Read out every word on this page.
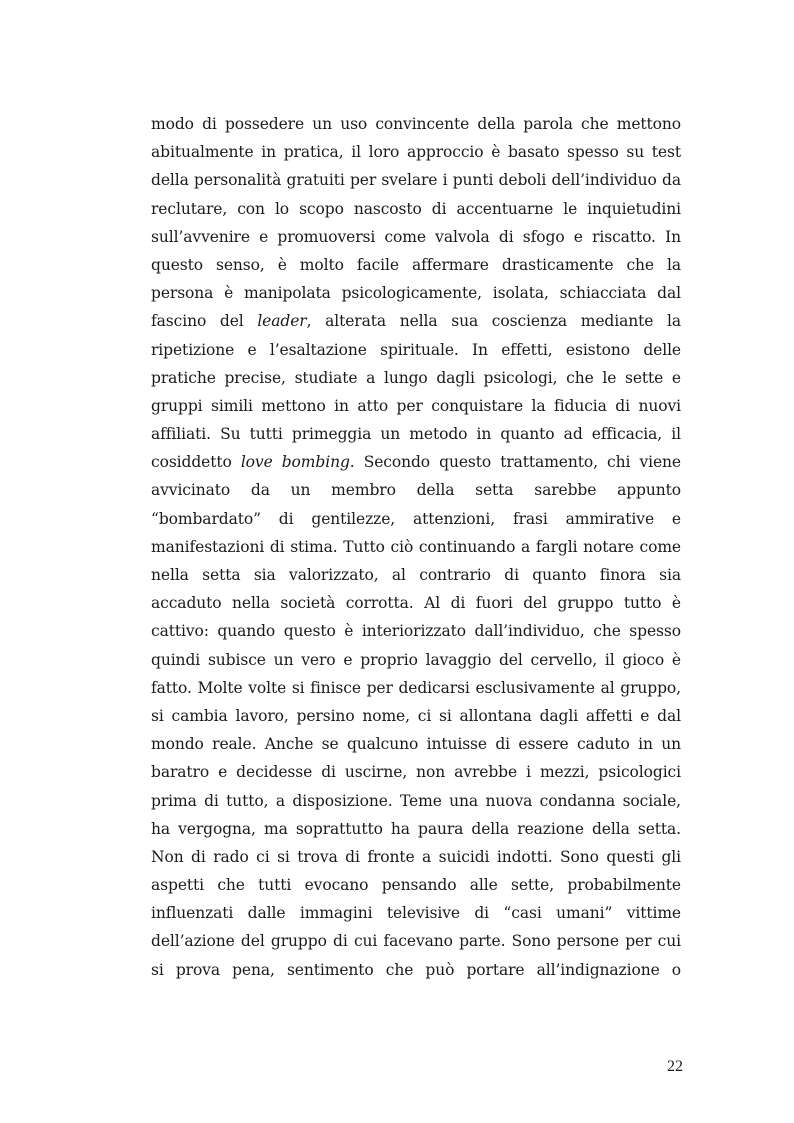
modo di possedere un uso convincente della parola che mettono
abitualmente in pratica, il loro approccio è basato spesso su test
della personalità gratuiti per svelare i punti deboli dell’individuo da
reclutare, con lo scopo nascosto di accentuarne le inquietudini
sull’avvenire e promuoversi come valvola di sfogo e riscatto. In
questo senso, è molto facile affermare drasticamente che la
persona è manipolata psicologicamente, isolata, schiacciata dal
fascino del leader, alterata nella sua coscienza mediante la
ripetizione e l’esaltazione spirituale. In effetti, esistono delle
pratiche precise, studiate a lungo dagli psicologi, che le sette e
gruppi simili mettono in atto per conquistare la fiducia di nuovi
affiliati. Su tutti primeggia un metodo in quanto ad efficacia, il
cosiddetto love bombing. Secondo questo trattamento, chi viene
avvicinato da un membro della setta sarebbe appunto
“bombardato” di gentilezze, attenzioni, frasi ammirative e
manifestazioni di stima. Tutto ciò continuando a fargli notare come
nella setta sia valorizzato, al contrario di quanto finora sia
accaduto nella società corrotta. Al di fuori del gruppo tutto è
cattivo: quando questo è interiorizzato dall’individuo, che spesso
quindi subisce un vero e proprio lavaggio del cervello, il gioco è
fatto. Molte volte si finisce per dedicarsi esclusivamente al gruppo,
si cambia lavoro, persino nome, ci si allontana dagli affetti e dal
mondo reale. Anche se qualcuno intuisse di essere caduto in un
baratro e decidesse di uscirne, non avrebbe i mezzi, psicologici
prima di tutto, a disposizione. Teme una nuova condanna sociale,
ha vergogna, ma soprattutto ha paura della reazione della setta.
Non di rado ci si trova di fronte a suicidi indotti. Sono questi gli
aspetti che tutti evocano pensando alle sette, probabilmente
influenzati dalle immagini televisive di “casi umani” vittime
dell’azione del gruppo di cui facevano parte. Sono persone per cui
si prova pena, sentimento che può portare all’indignazione o
22
